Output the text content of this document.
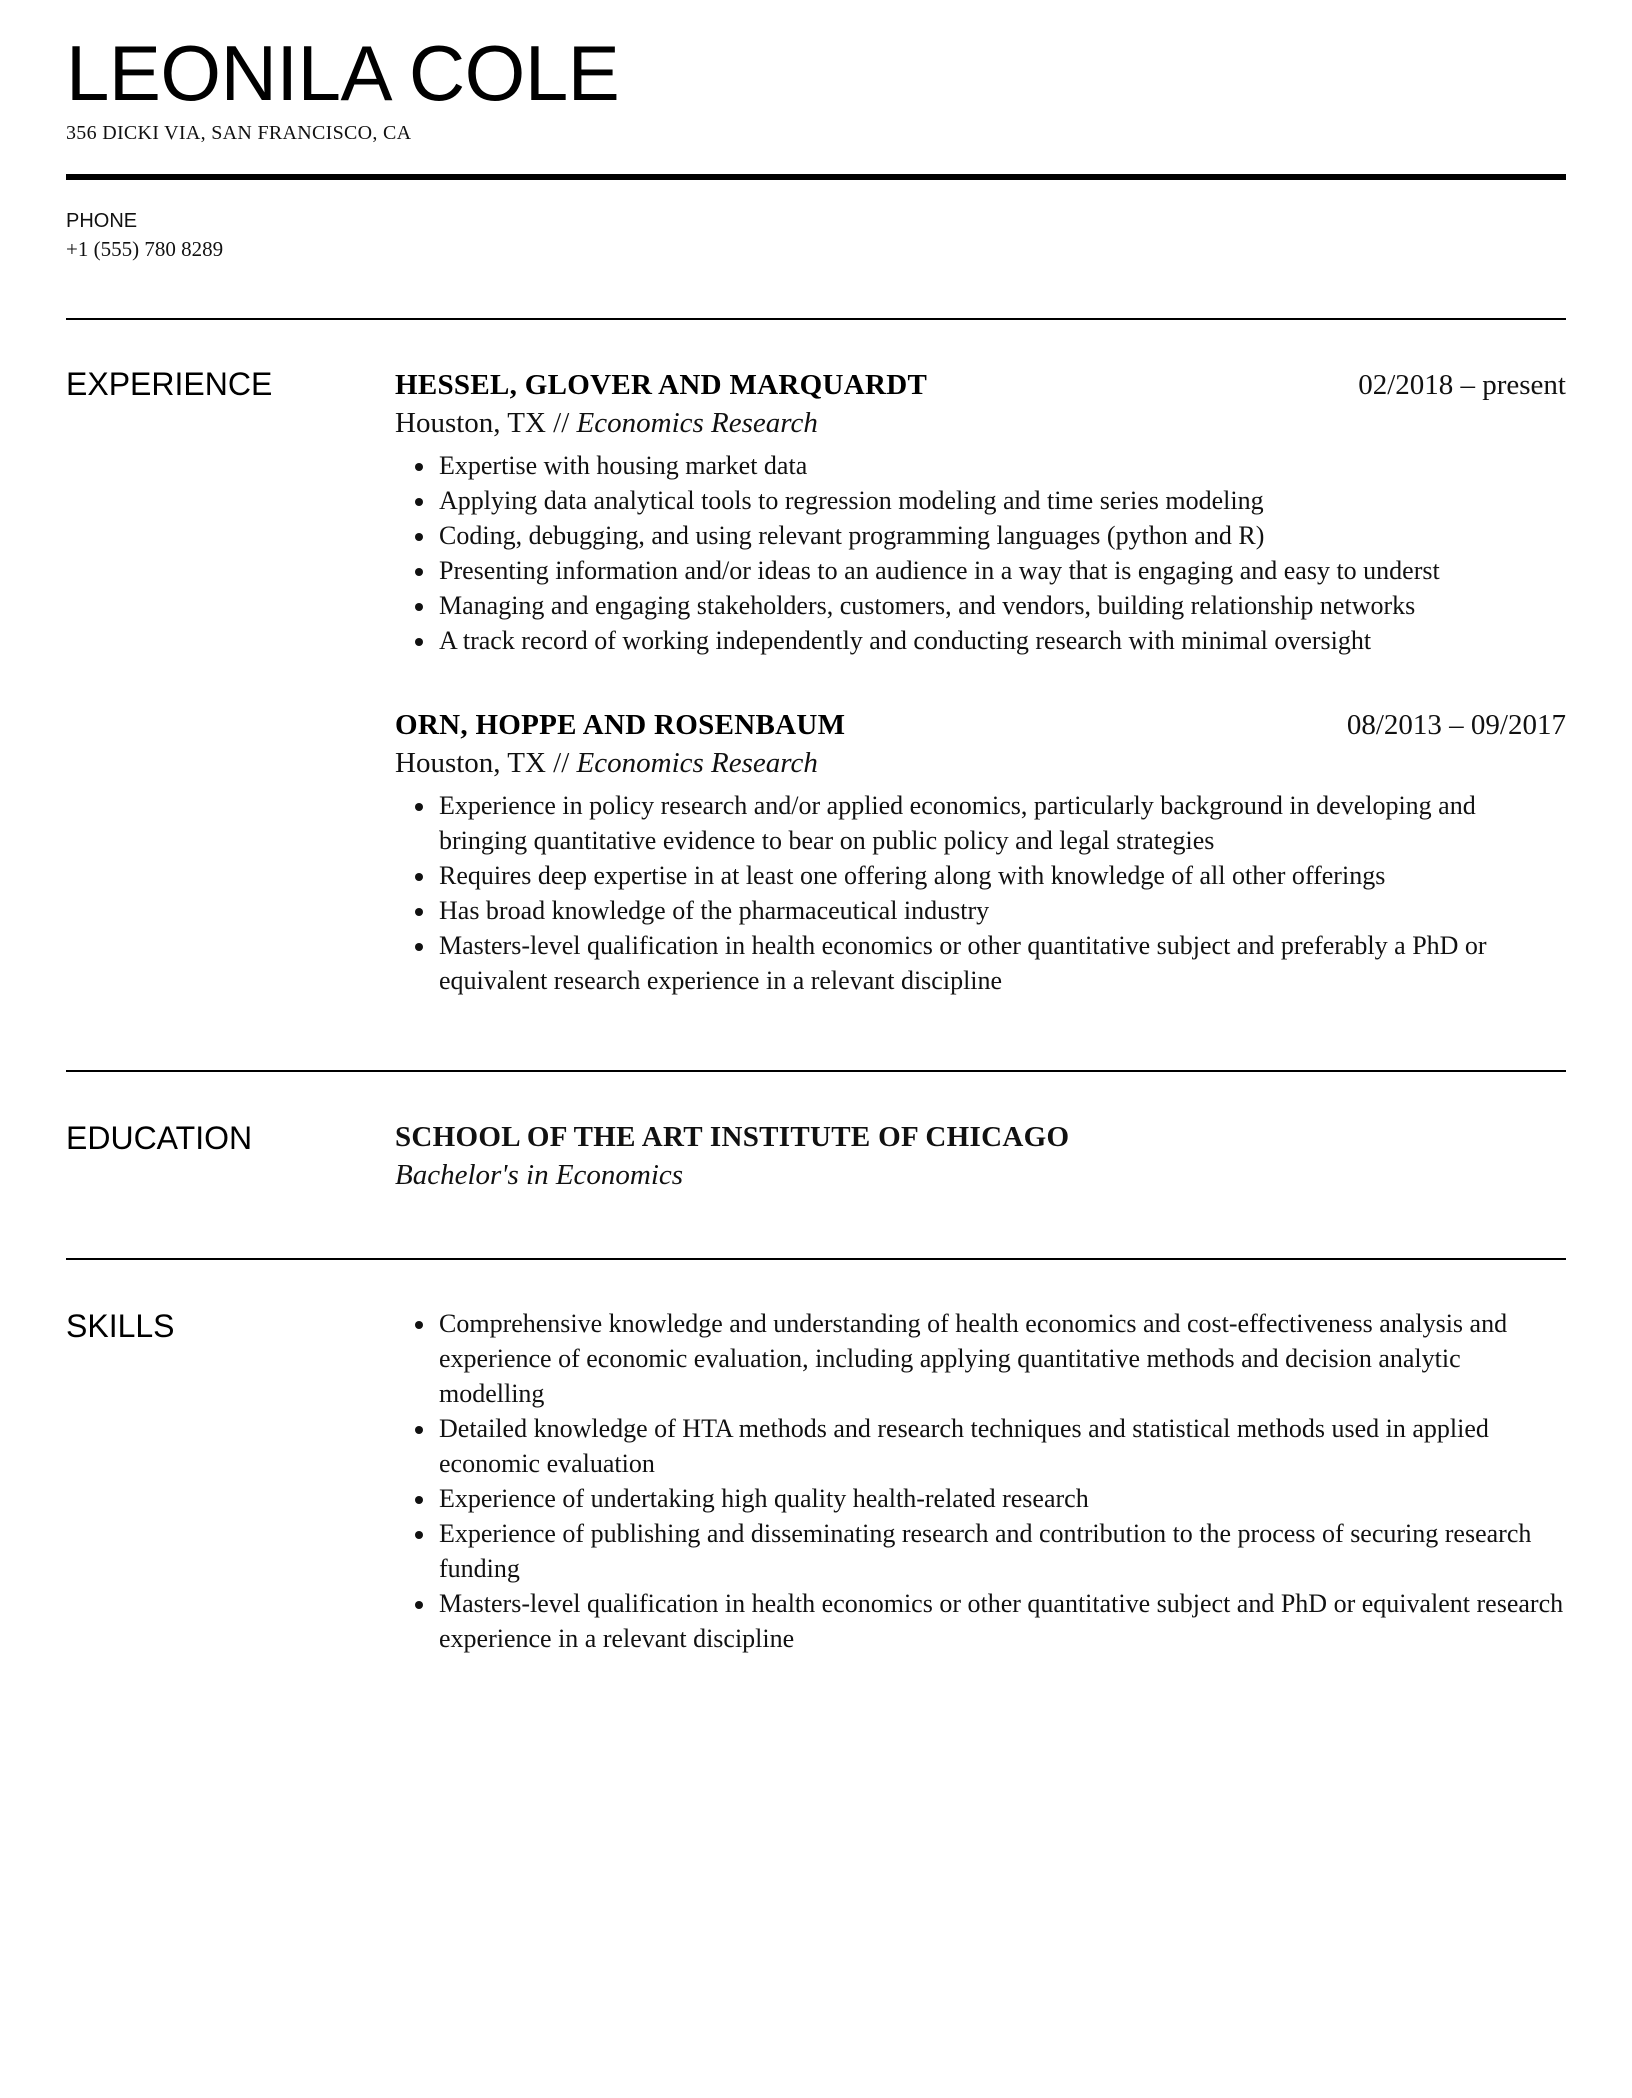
LEONILA COLE
356 DICKI VIA, SAN FRANCISCO, CA
PHONE
+1 (555) 780 8289
EXPERIENCE	HESSEL, GLOVER AND MARQUARDT	02/2018 – present
Houston, TX // Economics Research
• Expertise with housing market data
• Applying data analytical tools to regression modeling and time series modeling
• Coding, debugging, and using relevant programming languages (python and R)
• Presenting information and/or ideas to an audience in a way that is engaging and easy to underst
• Managing and engaging stakeholders, customers, and vendors, building relationship networks
• A track record of working independently and conducting research with minimal oversight
ORN, HOPPE AND ROSENBAUM	08/2013 – 09/2017
Houston, TX // Economics Research
• Experience in policy research and/or applied economics, particularly background in developing and bringing quantitative evidence to bear on public policy and legal strategies
• Requires deep expertise in at least one offering along with knowledge of all other offerings
• Has broad knowledge of the pharmaceutical industry
• Masters-level qualification in health economics or other quantitative subject and preferably a PhD or equivalent research experience in a relevant discipline
EDUCATION	SCHOOL OF THE ART INSTITUTE OF CHICAGO
Bachelor's in Economics
SKILLS
•	Comprehensive knowledge and understanding of health economics and cost-effectiveness analysis and experience of economic evaluation, including applying quantitative methods and decision analytic modelling
• Detailed knowledge of HTA methods and research techniques and statistical methods used in applied economic evaluation
• Experience of undertaking high quality health-related research
• Experience of publishing and disseminating research and contribution to the process of securing research funding
• Masters-level qualification in health economics or other quantitative subject and PhD or equivalent research experience in a relevant discipline
